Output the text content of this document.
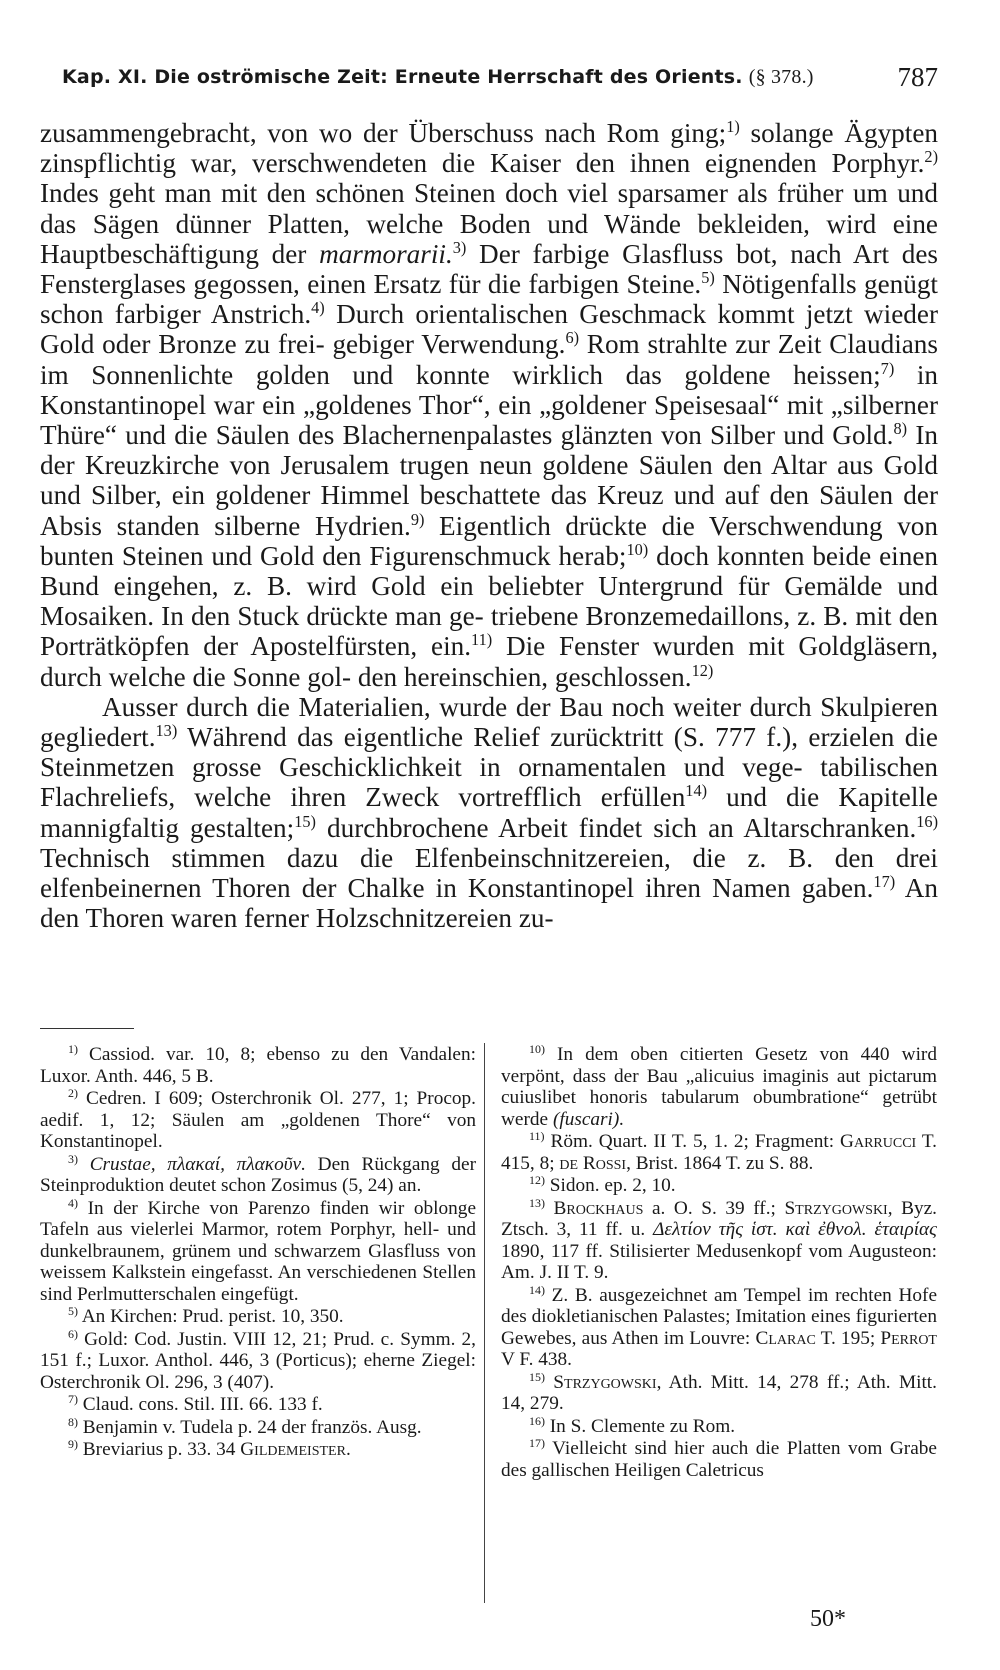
Kap. XI. Die oströmische Zeit: Erneute Herrschaft des Orients. (§ 378.)	787

zusammengebracht, von wo der Überschuss nach Rom ging;$^{1)}$ solange Ägypten zinspflichtig war, verschwendeten die Kaiser den ihnen eignenden Porphyr.$^{2)}$ Indes geht man mit den schönen Steinen doch viel sparsamer als früher um und das Sägen dünner Platten, welche Boden und Wände bekleiden, wird eine Hauptbeschäftigung der marmorarii.$^{3)}$ Der farbige Glasfluss bot, nach Art des Fensterglases gegossen, einen Ersatz für die farbigen Steine.$^{5)}$ Nötigenfalls genügt schon farbiger Anstrich.$^{4)}$ Durch orientalischen Geschmack kommt jetzt wieder Gold oder Bronze zu frei- gebiger Verwendung.$^{6)}$ Rom strahlte zur Zeit Claudians im Sonnenlichte golden und konnte wirklich das goldene heissen;$^{7)}$ in Konstantinopel war ein „goldenes Thor“, ein „goldener Speisesaal“ mit „silberner Thüre“ und die Säulen des Blachernenpalastes glänzten von Silber und Gold.$^{8)}$ In der Kreuzkirche von Jerusalem trugen neun goldene Säulen den Altar aus Gold und Silber, ein goldener Himmel beschattete das Kreuz und auf den Säulen der Absis standen silberne Hydrien.$^{9)}$ Eigentlich drückte die Verschwendung von bunten Steinen und Gold den Figurenschmuck herab;$^{10)}$ doch konnten beide einen Bund eingehen, z. B. wird Gold ein beliebter Untergrund für Gemälde und Mosaiken. In den Stuck drückte man ge- triebene Bronzemedaillons, z. B. mit den Porträtköpfen der Apostelfürsten, ein.$^{11)}$ Die Fenster wurden mit Goldgläsern, durch welche die Sonne gol- den hereinschien, geschlossen.$^{12)}$

Ausser durch die Materialien, wurde der Bau noch weiter durch Skulpieren gegliedert.$^{13)}$ Während das eigentliche Relief zurücktritt (S. 777 f.), erzielen die Steinmetzen grosse Geschicklichkeit in ornamentalen und vege- tabilischen Flachreliefs, welche ihren Zweck vortrefflich erfüllen$^{14)}$ und die Kapitelle mannigfaltig gestalten;$^{15)}$ durchbrochene Arbeit findet sich an Altarschranken.$^{16)}$ Technisch stimmen dazu die Elfenbeinschnitzereien, die z. B. den drei elfenbeinernen Thoren der Chalke in Konstantinopel ihren Namen gaben.$^{17)}$ An den Thoren waren ferner Holzschnitzereien zu-

$^{1)}$ Cassiod. var. 10, 8; ebenso zu den Vandalen: Luxor. Anth. 446, 5 B.

$^{2)}$ Cedren. I 609; Osterchronik Ol. 277, 1; Procop. aedif. 1, 12; Säulen am „goldenen Thore“ von Konstantinopel.

$^{3)}$ Crustae, πλακαί, πλακοῦν. Den Rückgang der Steinproduktion deutet schon Zosimus (5, 24) an.

$^{4)}$ In der Kirche von Parenzo finden wir oblonge Tafeln aus vielerlei Marmor, rotem Porphyr, hell- und dunkelbraunem, grünem und schwarzem Glasfluss von weissem Kalkstein eingefasst. An verschiedenen Stellen sind Perlmutterschalen eingefügt.

$^{5)}$ An Kirchen: Prud. perist. 10, 350.

$^{6)}$ Gold: Cod. Justin. VIII 12, 21; Prud. c. Symm. 2, 151 f.; Luxor. Anthol. 446, 3 (Porticus); eherne Ziegel: Osterchronik Ol. 296, 3 (407).

$^{7)}$ Claud. cons. Stil. III. 66. 133 f.

$^{8)}$ Benjamin v. Tudela p. 24 der französ. Ausg.

$^{9)}$ Breviarius p. 33. 34 Gildemeister.

$^{10)}$ In dem oben citierten Gesetz von 440 wird verpönt, dass der Bau „alicuius imaginis aut pictarum cuiuslibet honoris tabularum obumbratione“ getrübt werde (fuscari).

$^{11)}$ Röm. Quart. II T. 5, 1. 2; Fragment: Garrucci T. 415, 8; de Rossi, Brist. 1864 T. zu S. 88.

$^{12)}$ Sidon. ep. 2, 10.

$^{13)}$ Brockhaus a. O. S. 39 ff.; Strzygowski, Byz. Ztsch. 3, 11 ff. u. Δελτίον τῆς ἱστ. καὶ ἐθνολ. ἑταιρίας 1890, 117 ff. Stilisierter Medusenkopf vom Augusteon: Am. J. II T. 9.

$^{14)}$ Z. B. ausgezeichnet am Tempel im rechten Hofe des diokletianischen Palastes; Imitation eines figurierten Gewebes, aus Athen im Louvre: Clarac T. 195; Perrot V F. 438.

$^{15)}$ Strzygowski, Ath. Mitt. 14, 278 ff.; Ath. Mitt. 14, 279.

$^{16)}$ In S. Clemente zu Rom.

$^{17)}$ Vielleicht sind hier auch die Platten vom Grabe des gallischen Heiligen Caletricus

50*
